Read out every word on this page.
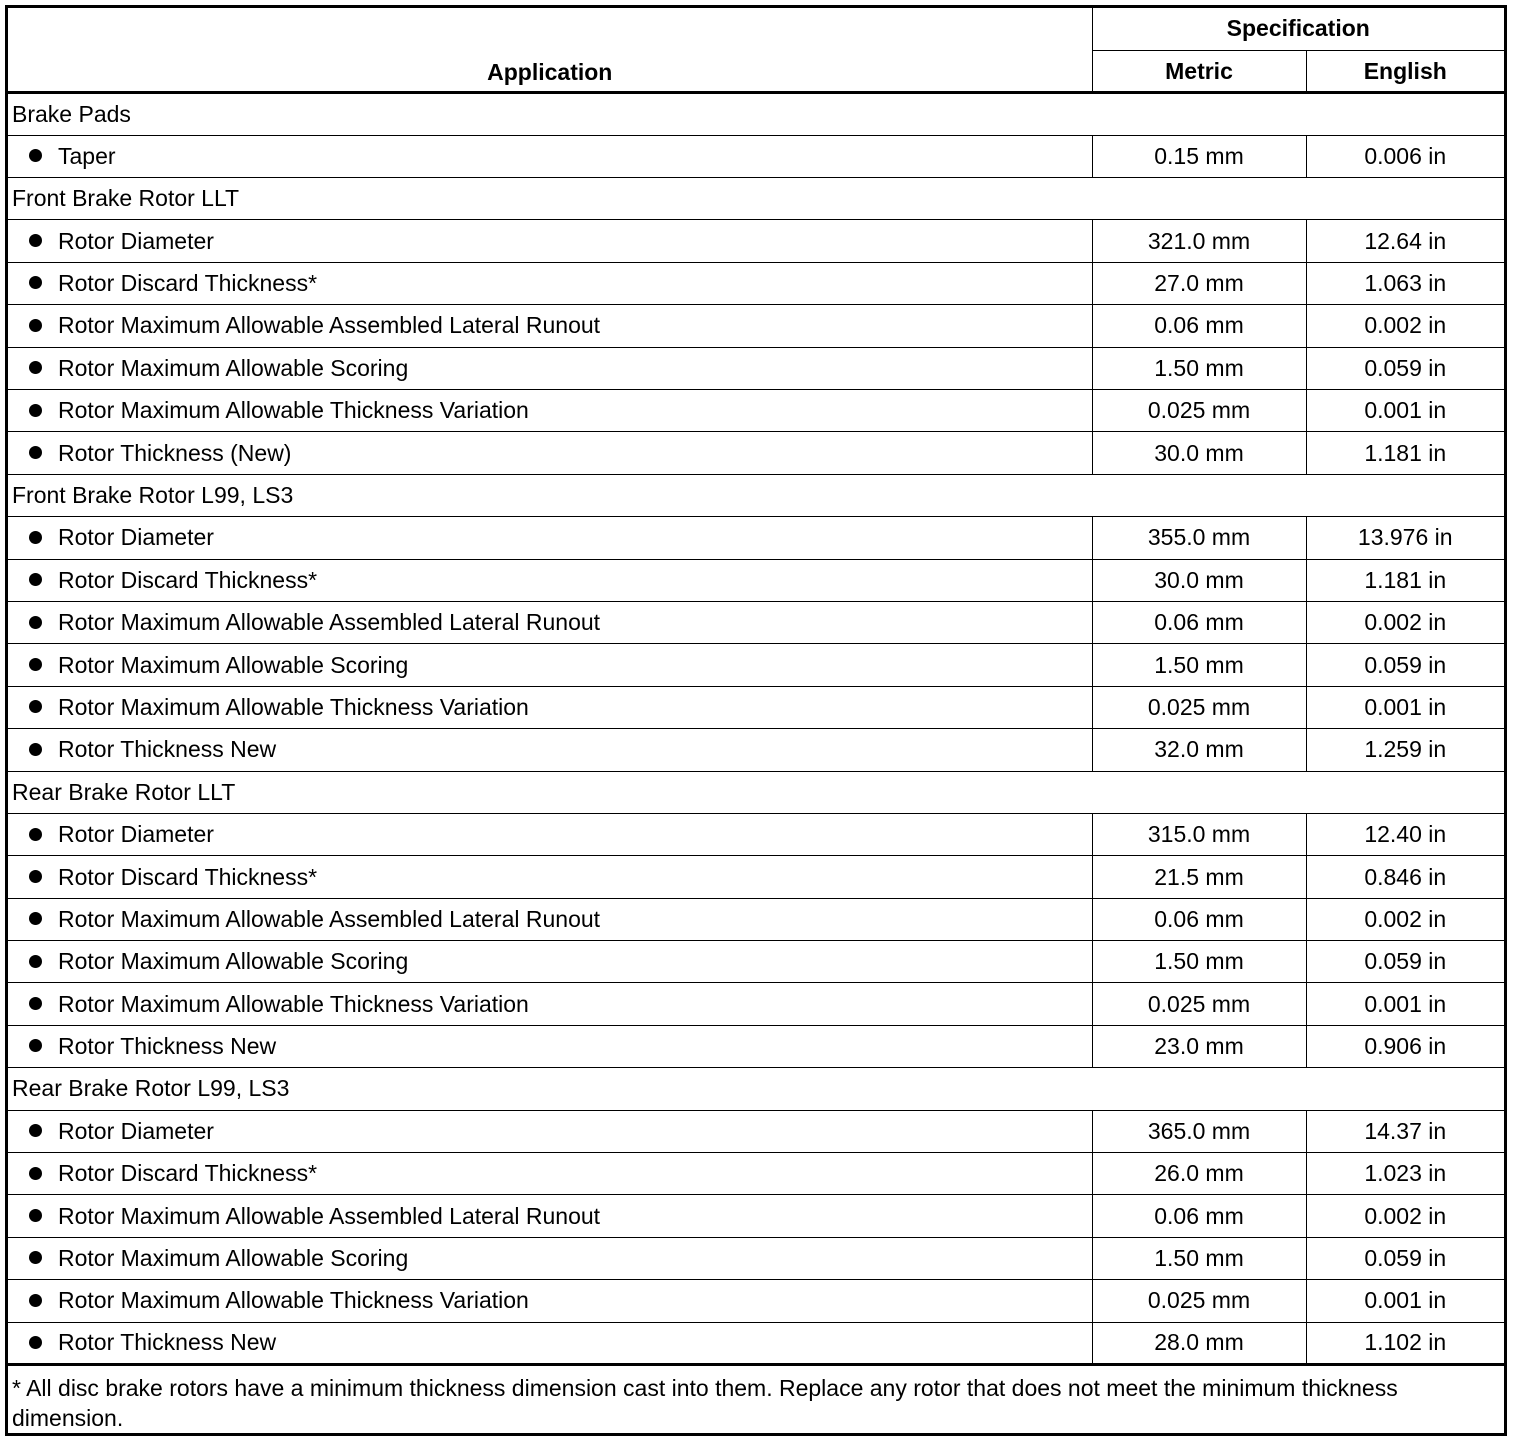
Application	Specification	
	Metric	English
Brake Pads		
Taper	0.15 mm	0.006 in
Front Brake Rotor LLT		
Rotor Diameter	321.0 mm	12.64 in
Rotor Discard Thickness*	27.0 mm	1.063 in
Rotor Maximum Allowable Assembled Lateral Runout	0.06 mm	0.002 in
Rotor Maximum Allowable Scoring	1.50 mm	0.059 in
Rotor Maximum Allowable Thickness Variation	0.025 mm	0.001 in
Rotor Thickness (New)	30.0 mm	1.181 in
Front Brake Rotor L99, LS3		
Rotor Diameter	355.0 mm	13.976 in
Rotor Discard Thickness*	30.0 mm	1.181 in
Rotor Maximum Allowable Assembled Lateral Runout	0.06 mm	0.002 in
Rotor Maximum Allowable Scoring	1.50 mm	0.059 in
Rotor Maximum Allowable Thickness Variation	0.025 mm	0.001 in
Rotor Thickness New	32.0 mm	1.259 in
Rear Brake Rotor LLT		
Rotor Diameter	315.0 mm	12.40 in
Rotor Discard Thickness*	21.5 mm	0.846 in
Rotor Maximum Allowable Assembled Lateral Runout	0.06 mm	0.002 in
Rotor Maximum Allowable Scoring	1.50 mm	0.059 in
Rotor Maximum Allowable Thickness Variation	0.025 mm	0.001 in
Rotor Thickness New	23.0 mm	0.906 in
Rear Brake Rotor L99, LS3		
Rotor Diameter	365.0 mm	14.37 in
Rotor Discard Thickness*	26.0 mm	1.023 in
Rotor Maximum Allowable Assembled Lateral Runout	0.06 mm	0.002 in
Rotor Maximum Allowable Scoring	1.50 mm	0.059 in
Rotor Maximum Allowable Thickness Variation	0.025 mm	0.001 in
Rotor Thickness New	28.0 mm	1.102 in
* All disc brake rotors have a minimum thickness dimension cast into them. Replace any rotor that does not meet the minimum thickness dimension.		
